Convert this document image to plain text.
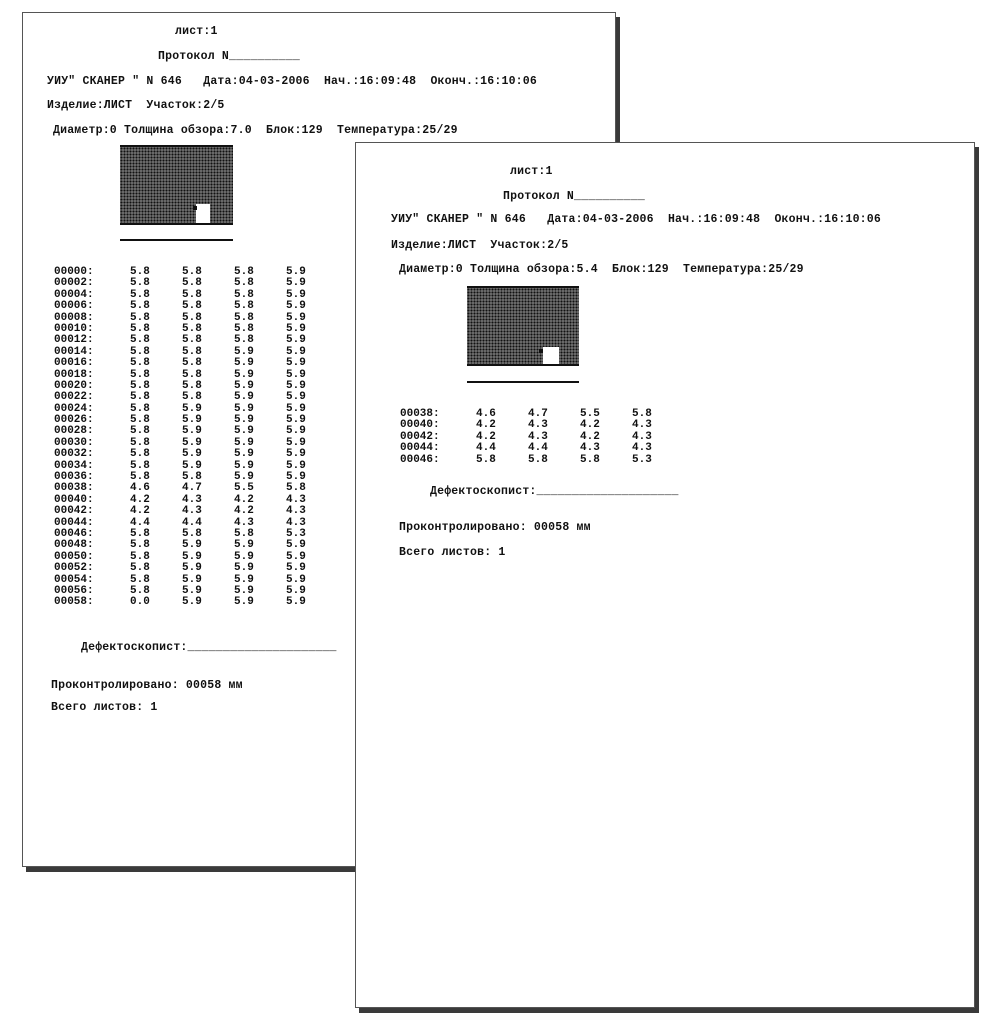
лист:1
Протокол N__________
УИУ" СКАНЕР " N 646   Дата:04-03-2006  Нач.:16:09:48  Оконч.:16:10:06
Изделие:ЛИСТ  Участок:2/5
Диаметр:0 Толщина обзора:7.0  Блок:129  Температура:25/29
00000:	5.8	5.8	5.8	5.9
00002:	5.8	5.8	5.8	5.9
00004:	5.8	5.8	5.8	5.9
00006:	5.8	5.8	5.8	5.9
00008:	5.8	5.8	5.8	5.9
00010:	5.8	5.8	5.8	5.9
00012:	5.8	5.8	5.8	5.9
00014:	5.8	5.8	5.9	5.9
00016:	5.8	5.8	5.9	5.9
00018:	5.8	5.8	5.9	5.9
00020:	5.8	5.8	5.9	5.9
00022:	5.8	5.8	5.9	5.9
00024:	5.8	5.9	5.9	5.9
00026:	5.8	5.9	5.9	5.9
00028:	5.8	5.9	5.9	5.9
00030:	5.8	5.9	5.9	5.9
00032:	5.8	5.9	5.9	5.9
00034:	5.8	5.9	5.9	5.9
00036:	5.8	5.8	5.9	5.9
00038:	4.6	4.7	5.5	5.8
00040:	4.2	4.3	4.2	4.3
00042:	4.2	4.3	4.2	4.3
00044:	4.4	4.4	4.3	4.3
00046:	5.8	5.8	5.8	5.3
00048:	5.8	5.9	5.9	5.9
00050:	5.8	5.9	5.9	5.9
00052:	5.8	5.9	5.9	5.9
00054:	5.8	5.9	5.9	5.9
00056:	5.8	5.9	5.9	5.9
00058:	0.0	5.9	5.9	5.9
Дефектоскопист:_____________________
Проконтролировано: 00058 мм
Всего листов: 1
лист:1
Протокол N__________
УИУ" СКАНЕР " N 646   Дата:04-03-2006  Нач.:16:09:48  Оконч.:16:10:06
Изделие:ЛИСТ  Участок:2/5
Диаметр:0 Толщина обзора:5.4  Блок:129  Температура:25/29
00038:	4.6	4.7	5.5	5.8
00040:	4.2	4.3	4.2	4.3
00042:	4.2	4.3	4.2	4.3
00044:	4.4	4.4	4.3	4.3
00046:	5.8	5.8	5.8	5.3
Дефектоскопист:____________________
Проконтролировано: 00058 мм
Всего листов: 1
